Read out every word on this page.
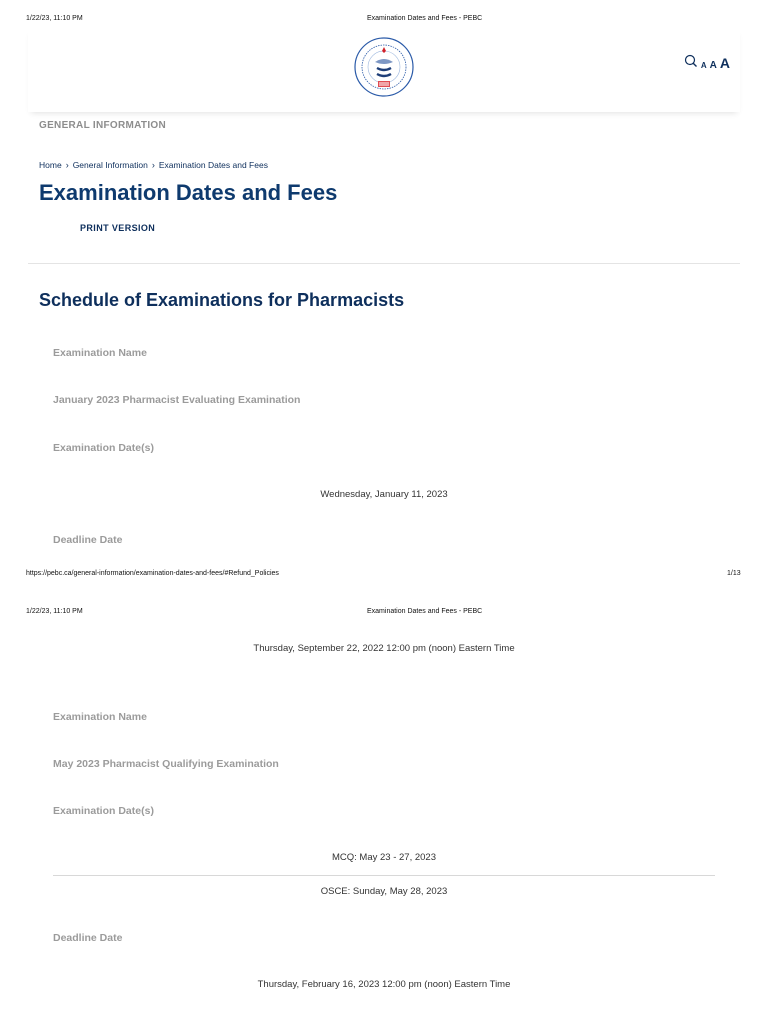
1/22/23, 11:10 PM	Examination Dates and Fees - PEBC
A A A
GENERAL INFORMATION
Home › General Information › Examination Dates and Fees
Examination Dates and Fees
PRINT VERSION
Schedule of Examinations for Pharmacists
Examination Name
January 2023 Pharmacist Evaluating Examination
Examination Date(s)
Wednesday, January 11, 2023
Deadline Date
https://pebc.ca/general-information/examination-dates-and-fees/#Refund_Policies	1/13
1/22/23, 11:10 PM	Examination Dates and Fees - PEBC
Thursday, September 22, 2022 12:00 pm (noon) Eastern Time
Examination Name
May 2023 Pharmacist Qualifying Examination
Examination Date(s)
MCQ: May 23 - 27, 2023
OSCE: Sunday, May 28, 2023
Deadline Date
Thursday, February 16, 2023 12:00 pm (noon) Eastern Time
